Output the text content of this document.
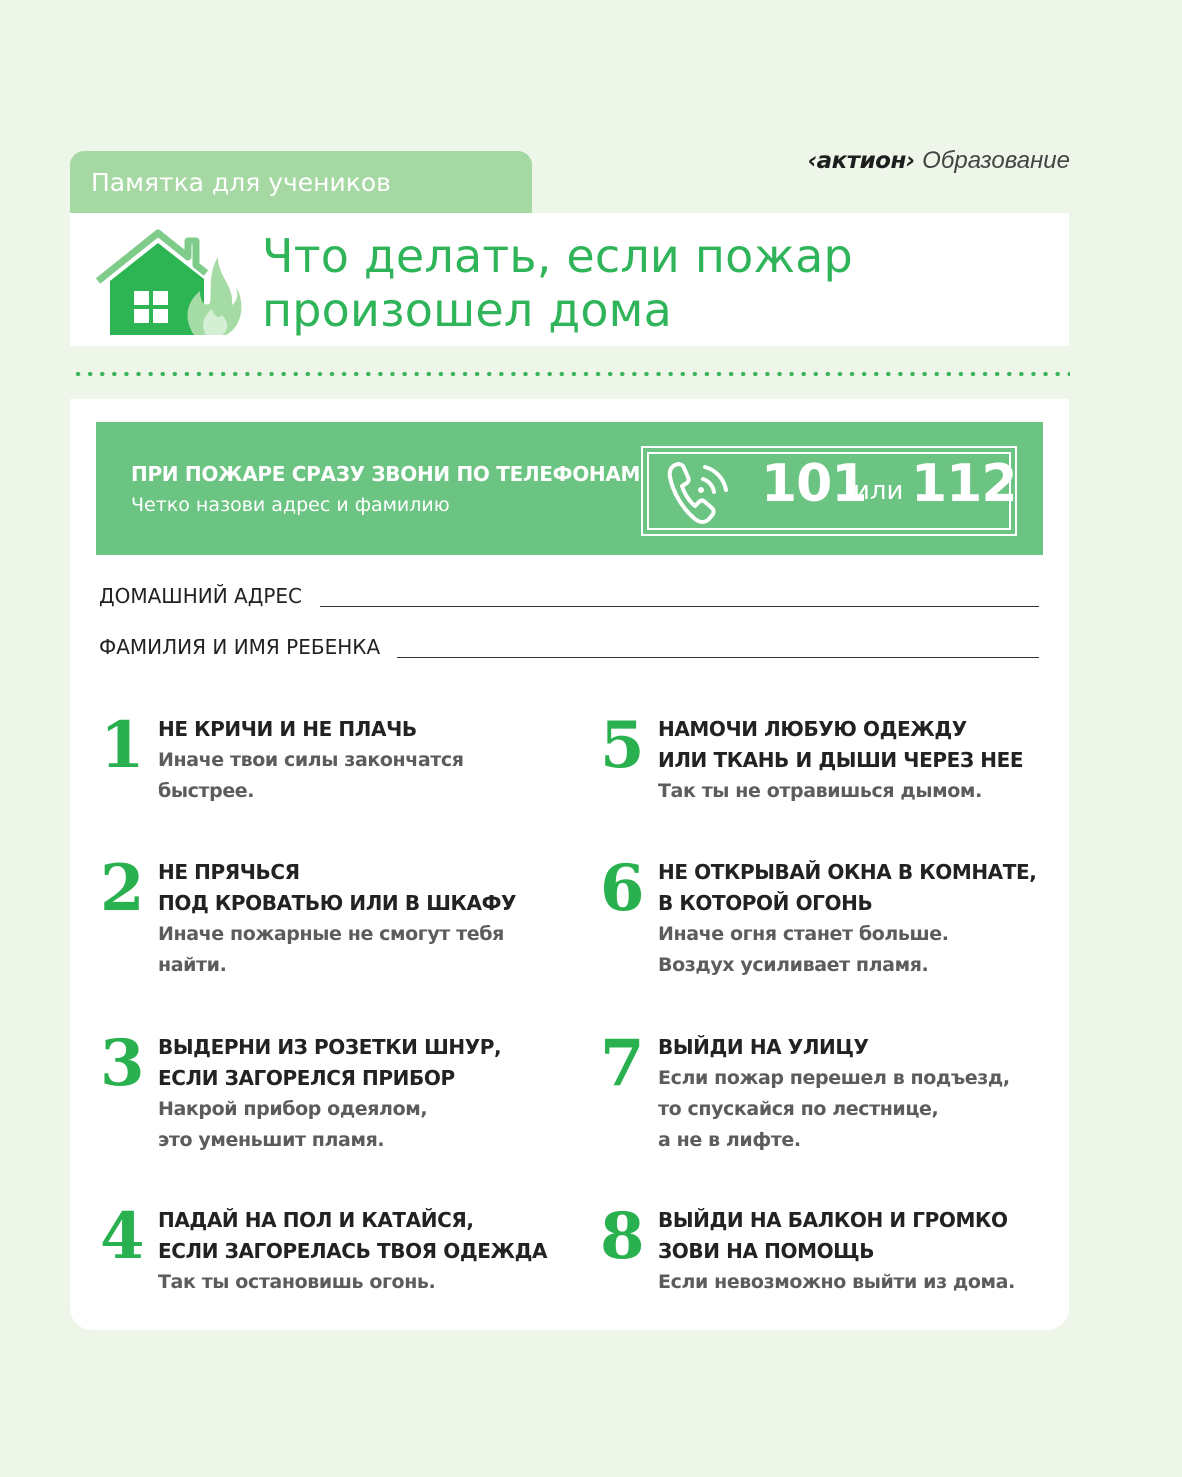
Памятка для учеников
‹актион› Образование
Что делать, если пожар
произошел дома
ПРИ ПОЖАРЕ СРАЗУ ЗВОНИ ПО ТЕЛЕФОНАМ
Четко назови адрес и фамилию	101
или 112
ДОМАШНИЙ АДРЕС
ФАМИЛИЯ И ИМЯ РЕБЕНКА
1 НЕ КРИЧИ И НЕ ПЛАЧЬ
Иначе твои силы закончатся
быстрее.
2 НЕ ПРЯЧЬСЯ
ПОД КРОВАТЬЮ ИЛИ В ШКАФУ
Иначе пожарные не смогут тебя
найти.
3 ВЫДЕРНИ ИЗ РОЗЕТКИ ШНУР,
ЕСЛИ ЗАГОРЕЛСЯ ПРИБОР
Накрой прибор одеялом,
это уменьшит пламя.
4 ПАДАЙ НА ПОЛ И КАТАЙСЯ,
ЕСЛИ ЗАГОРЕЛАСЬ ТВОЯ ОДЕЖДА
Так ты остановишь огонь.
5 НАМОЧИ ЛЮБУЮ ОДЕЖДУ
ИЛИ ТКАНЬ И ДЫШИ ЧЕРЕЗ НЕЕ
Так ты не отравишься дымом.
6 НЕ ОТКРЫВАЙ ОКНА В КОМНАТЕ,
В КОТОРОЙ ОГОНЬ
Иначе огня станет больше.
Воздух усиливает пламя.
7 ВЫЙДИ НА УЛИЦУ
Если пожар перешел в подъезд,
то спускайся по лестнице,
а не в лифте.
8 ВЫЙДИ НА БАЛКОН И ГРОМКО
ЗОВИ НА ПОМОЩЬ
Если невозможно выйти из дома.
